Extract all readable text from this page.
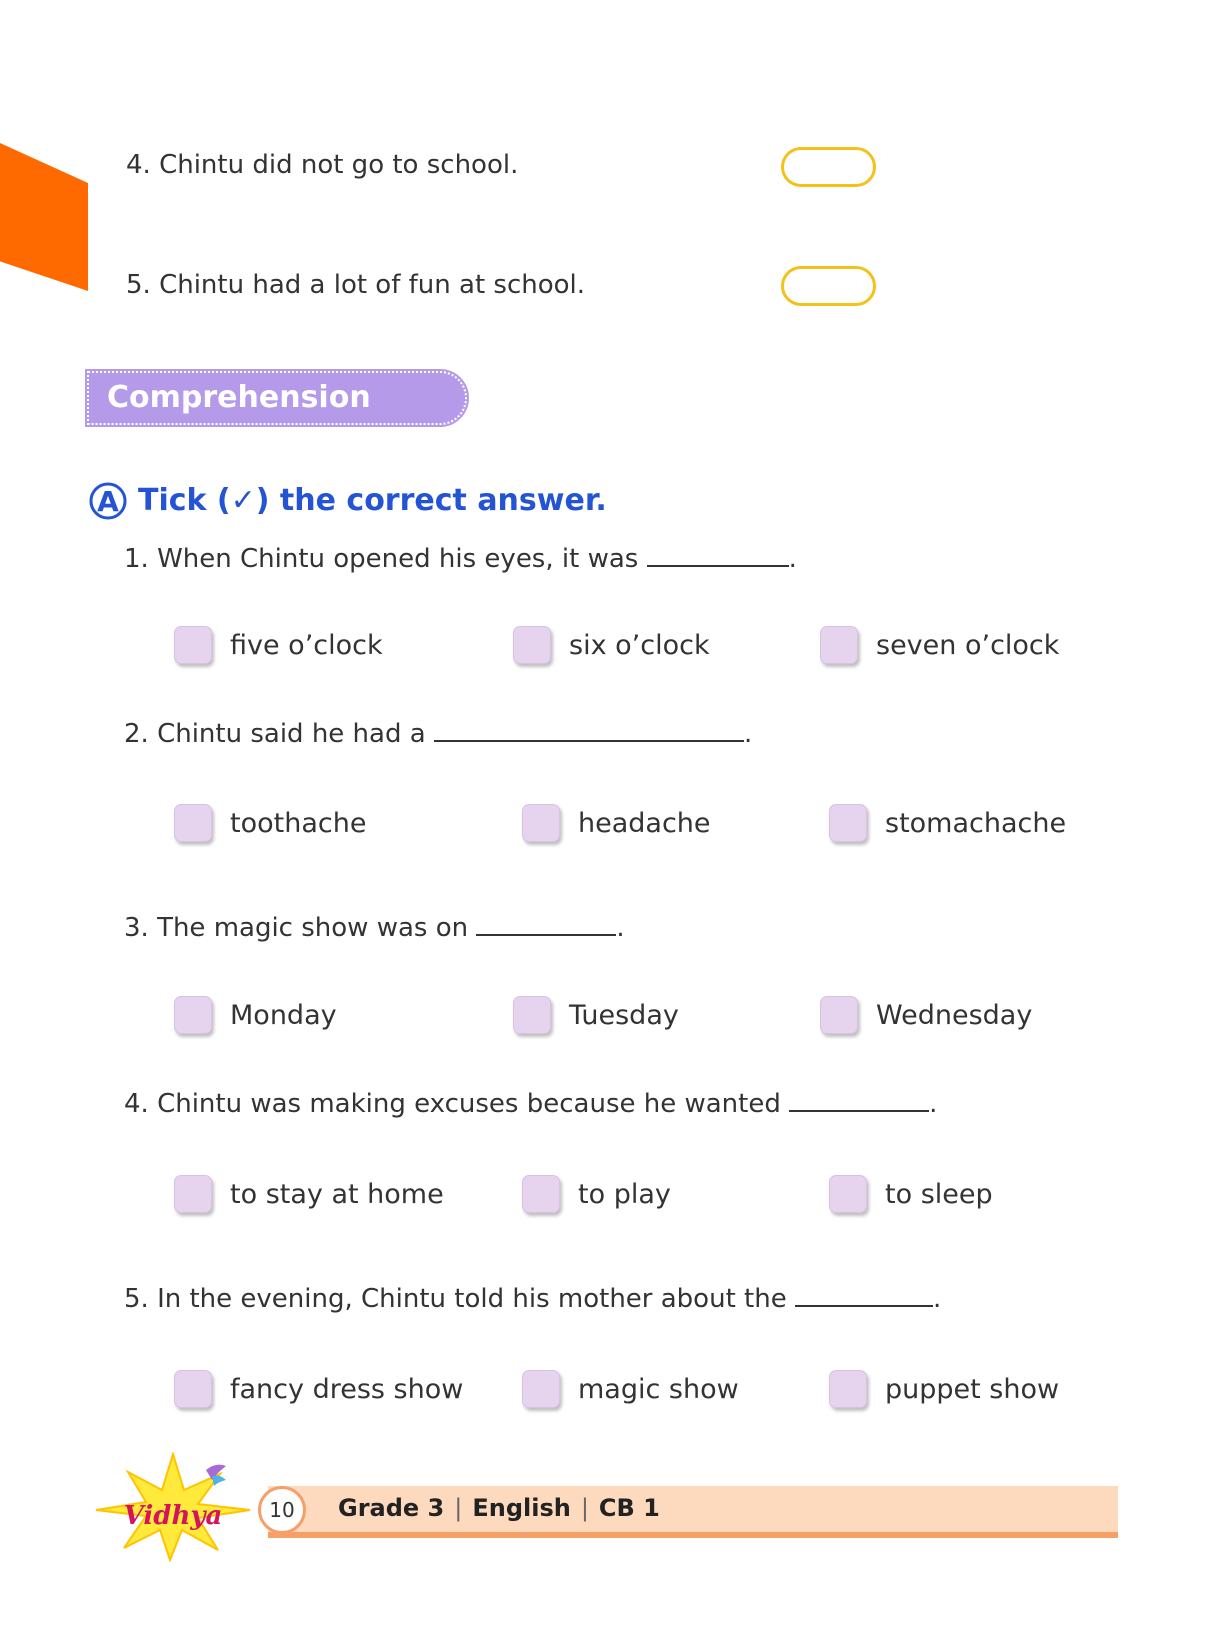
4. Chintu did not go to school.
5. Chintu had a lot of fun at school.
Comprehension Skills
A Tick (✓) the correct answer.
1. When Chintu opened his eyes, it was	.
five o’clock	six o’clock	seven o’clock
2. Chintu said he had a	.
toothache	headache	stomachache
3. The magic show was on	.
Monday	Tuesday	Wednesday
4. Chintu was making excuses because he wanted	.
to stay at home	to play	to sleep
5. In the evening, Chintu told his mother about the	.
fancy dress show	magic show	puppet show
Vidhya	10	Grade 3 | English | CB 1
